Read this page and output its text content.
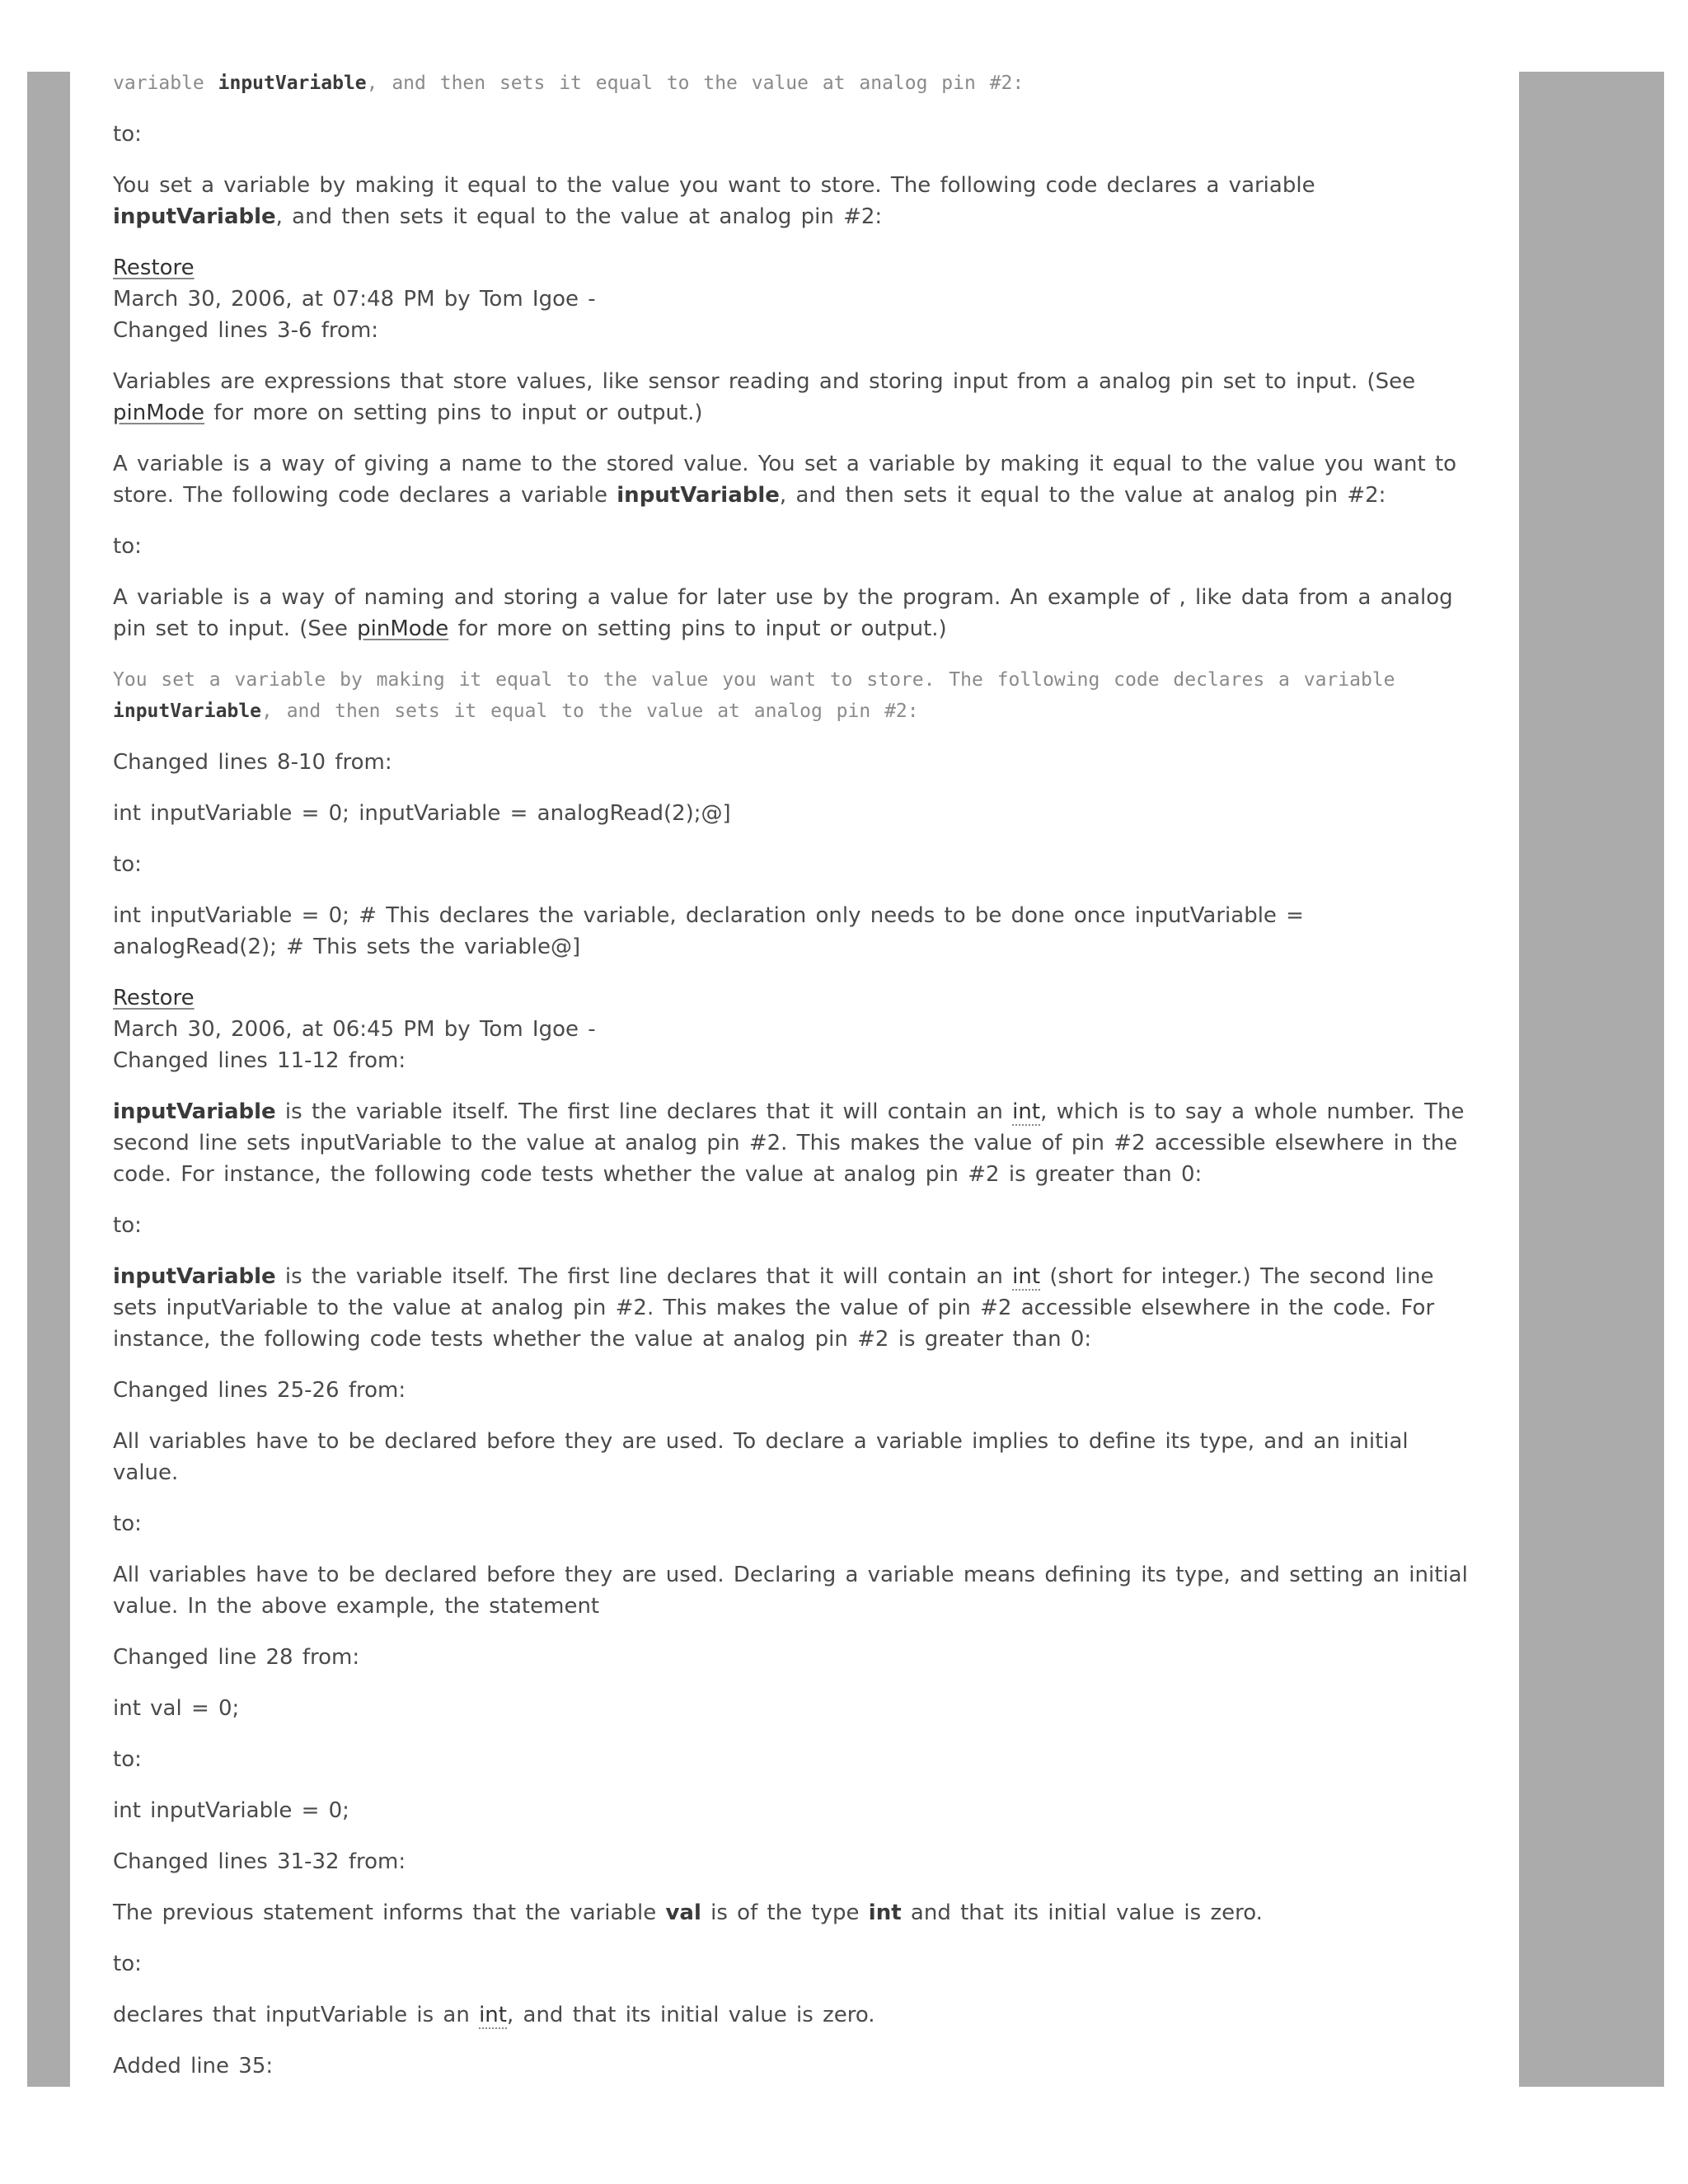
variable inputVariable, and then sets it equal to the value at analog pin #2:

to:

You set a variable by making it equal to the value you want to store. The following code declares a variable inputVariable, and then sets it equal to the value at analog pin #2:

Restore

March 30, 2006, at 07:48 PM by Tom Igoe -

Changed lines 3-6 from:

Variables are expressions that store values, like sensor reading and storing input from a analog pin set to input. (See pinMode for more on setting pins to input or output.)

A variable is a way of giving a name to the stored value. You set a variable by making it equal to the value you want to store. The following code declares a variable inputVariable, and then sets it equal to the value at analog pin #2:

to:

A variable is a way of naming and storing a value for later use by the program. An example of , like data from a analog pin set to input. (See pinMode for more on setting pins to input or output.)

You set a variable by making it equal to the value you want to store. The following code declares a variable inputVariable, and then sets it equal to the value at analog pin #2:

Changed lines 8-10 from:

int inputVariable = 0; inputVariable = analogRead(2);@]

to:

int inputVariable = 0; # This declares the variable, declaration only needs to be done once inputVariable = analogRead(2); # This sets the variable@]

Restore

March 30, 2006, at 06:45 PM by Tom Igoe -

Changed lines 11-12 from:

inputVariable is the variable itself. The first line declares that it will contain an int, which is to say a whole number. The second line sets inputVariable to the value at analog pin #2. This makes the value of pin #2 accessible elsewhere in the code. For instance, the following code tests whether the value at analog pin #2 is greater than 0:

to:

inputVariable is the variable itself. The first line declares that it will contain an int (short for integer.) The second line sets inputVariable to the value at analog pin #2. This makes the value of pin #2 accessible elsewhere in the code. For instance, the following code tests whether the value at analog pin #2 is greater than 0:

Changed lines 25-26 from:

All variables have to be declared before they are used. To declare a variable implies to define its type, and an initial value.

to:

All variables have to be declared before they are used. Declaring a variable means defining its type, and setting an initial value. In the above example, the statement

Changed line 28 from:

int val = 0;

to:

int inputVariable = 0;

Changed lines 31-32 from:

The previous statement informs that the variable val is of the type int and that its initial value is zero.

to:

declares that inputVariable is an int, and that its initial value is zero.

Added line 35:
